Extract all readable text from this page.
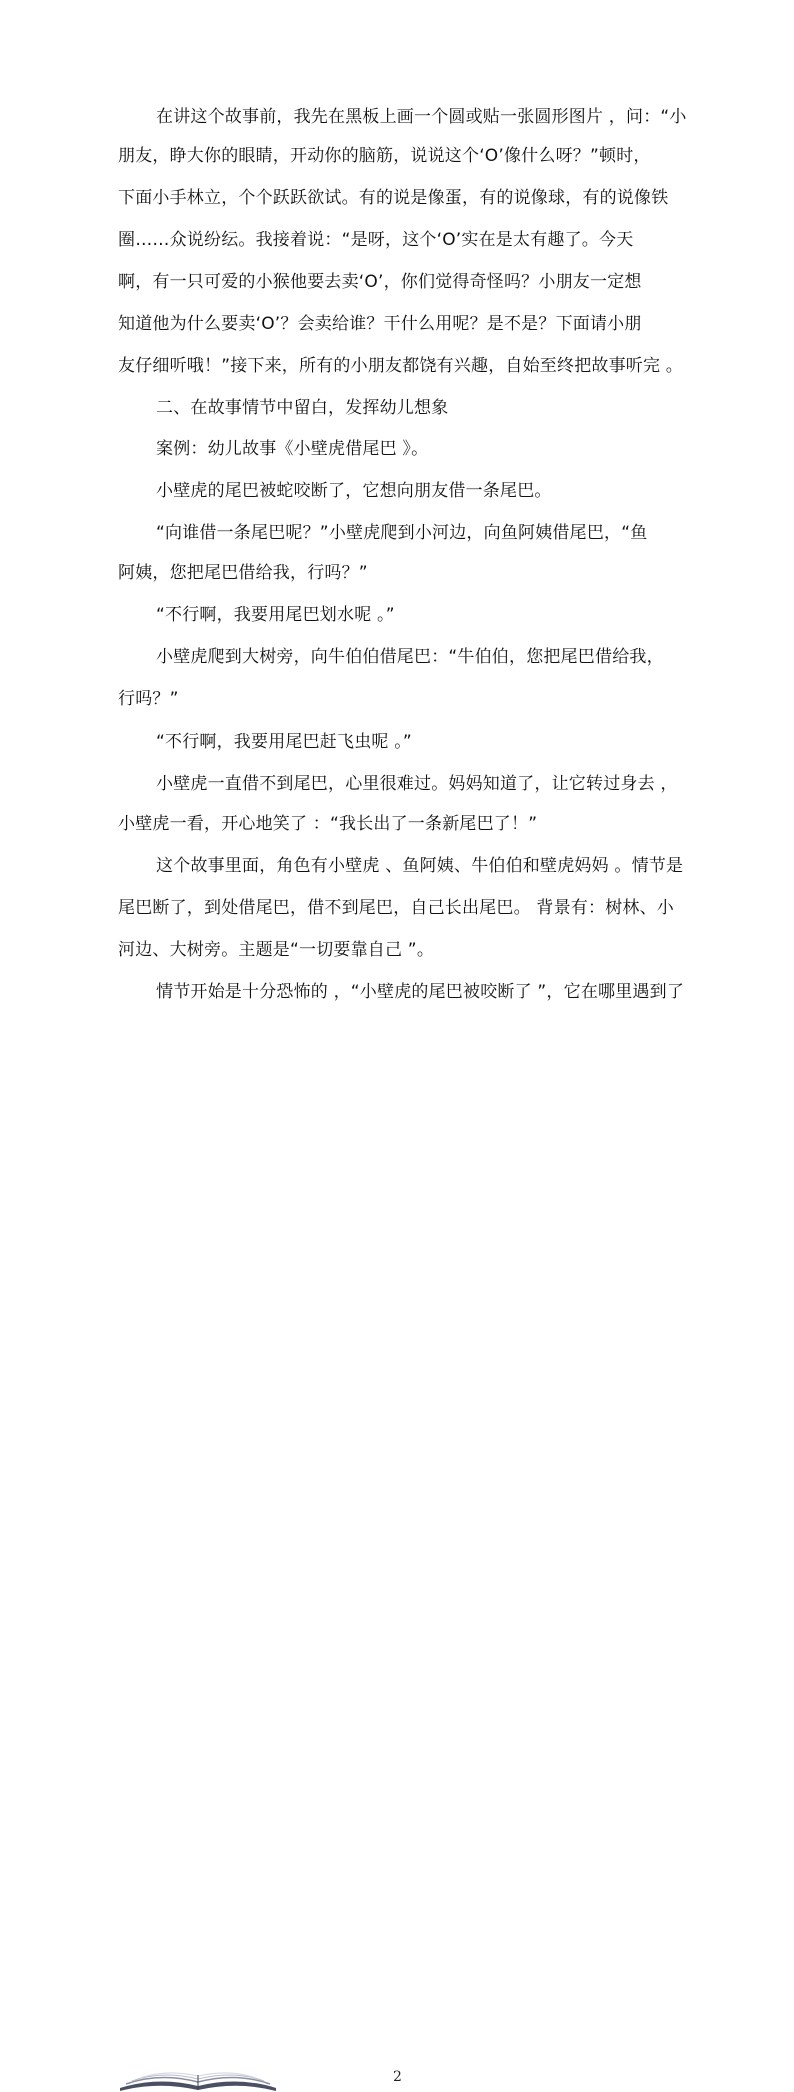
在讲这个故事前，我先在黑板上画一个圆或贴一张圆形图片 ，问：“小
朋友，睁大你的眼睛，开动你的脑筋，说说这个‘O’像什么呀？”顿时，
下面小手林立，个个跃跃欲试。有的说是像蛋，有的说像球，有的说像铁
圈……众说纷纭。我接着说：“是呀，这个‘O’实在是太有趣了。今天
啊，有一只可爱的小猴他要去卖‘O’，你们觉得奇怪吗？小朋友一定想
知道他为什么要卖‘O’？会卖给谁？干什么用呢？是不是？下面请小朋
友仔细听哦！”接下来，所有的小朋友都饶有兴趣，自始至终把故事听完 。
二、在故事情节中留白，发挥幼儿想象
案例：幼儿故事《小壁虎借尾巴 》。
小壁虎的尾巴被蛇咬断了，它想向朋友借一条尾巴。
“向谁借一条尾巴呢？”小壁虎爬到小河边，向鱼阿姨借尾巴，“鱼
阿姨，您把尾巴借给我，行吗？”
“不行啊，我要用尾巴划水呢 。”
小壁虎爬到大树旁，向牛伯伯借尾巴：“牛伯伯，您把尾巴借给我，
行吗？”
“不行啊，我要用尾巴赶飞虫呢 。”
小壁虎一直借不到尾巴，心里很难过。妈妈知道了，让它转过身去 ，
小壁虎一看，开心地笑了 ：“我长出了一条新尾巴了！”
这个故事里面，角色有小壁虎 、鱼阿姨、牛伯伯和壁虎妈妈 。情节是
尾巴断了，到处借尾巴，借不到尾巴，自己长出尾巴。 背景有：树林、小
河边、大树旁。主题是“一切要靠自己 ”。
情节开始是十分恐怖的 ，“小壁虎的尾巴被咬断了 ”，它在哪里遇到了
2
